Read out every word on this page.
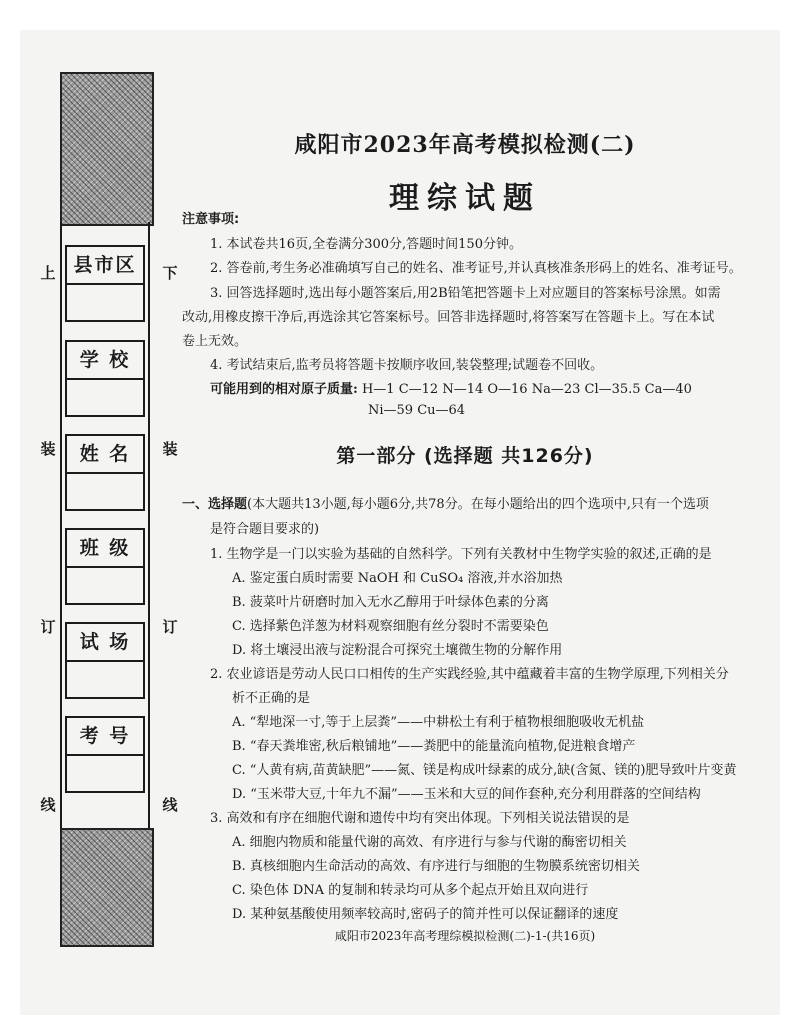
上
装
订
线
下
装
订
线
县市区
学 校
姓 名
班 级
试 场
考 号
咸阳市2023年高考模拟检测(二)
理综试题
注意事项:
1. 本试卷共16页,全卷满分300分,答题时间150分钟。
2. 答卷前,考生务必准确填写自己的姓名、准考证号,并认真核准条形码上的姓名、准考证号。
3. 回答选择题时,选出每小题答案后,用2B铅笔把答题卡上对应题目的答案标号涂黑。如需
改动,用橡皮擦干净后,再选涂其它答案标号。回答非选择题时,将答案写在答题卡上。写在本试
卷上无效。
4. 考试结束后,监考员将答题卡按顺序收回,装袋整理;试题卷不回收。
可能用到的相对原子质量: H—1 C—12 N—14 O—16 Na—23 Cl—35.5 Ca—40
Ni—59 Cu—64
第一部分 (选择题 共126分)
一、选择题(本大题共13小题,每小题6分,共78分。在每小题给出的四个选项中,只有一个选项
是符合题目要求的)
1. 生物学是一门以实验为基础的自然科学。下列有关教材中生物学实验的叙述,正确的是
A. 鉴定蛋白质时需要 NaOH 和 CuSO₄ 溶液,并水浴加热
B. 菠菜叶片研磨时加入无水乙醇用于叶绿体色素的分离
C. 选择紫色洋葱为材料观察细胞有丝分裂时不需要染色
D. 将土壤浸出液与淀粉混合可探究土壤微生物的分解作用
2. 农业谚语是劳动人民口口相传的生产实践经验,其中蕴藏着丰富的生物学原理,下列相关分
析不正确的是
A. “犁地深一寸,等于上层粪”——中耕松土有利于植物根细胞吸收无机盐
B. “春天粪堆密,秋后粮铺地”——粪肥中的能量流向植物,促进粮食增产
C. “人黄有病,苗黄缺肥”——氮、镁是构成叶绿素的成分,缺(含氮、镁的)肥导致叶片变黄
D. “玉米带大豆,十年九不漏”——玉米和大豆的间作套种,充分利用群落的空间结构
3. 高效和有序在细胞代谢和遗传中均有突出体现。下列相关说法错误的是
A. 细胞内物质和能量代谢的高效、有序进行与参与代谢的酶密切相关
B. 真核细胞内生命活动的高效、有序进行与细胞的生物膜系统密切相关
C. 染色体 DNA 的复制和转录均可从多个起点开始且双向进行
D. 某种氨基酸使用频率较高时,密码子的简并性可以保证翻译的速度
咸阳市2023年高考理综模拟检测(二)-1-(共16页)
